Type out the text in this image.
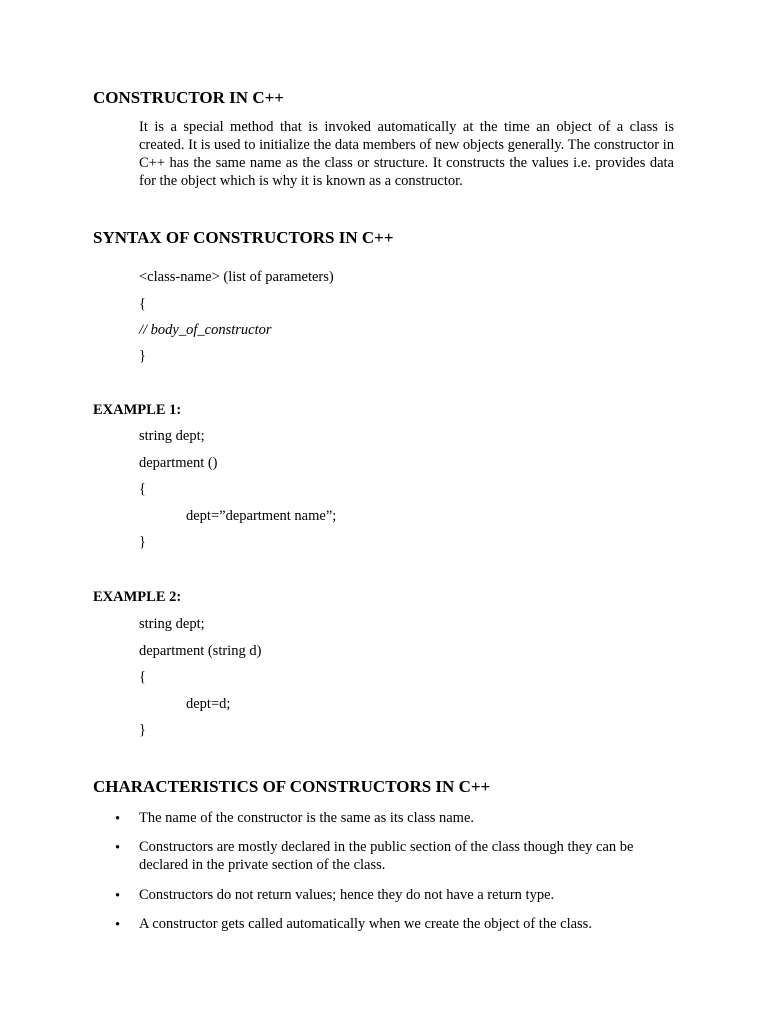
CONSTRUCTOR IN C++

It is a special method that is invoked automatically at the time an object of a class is created. It is used to initialize the data members of new objects generally. The constructor in C++ has the same name as the class or structure. It constructs the values i.e. provides data for the object which is why it is known as a constructor.

SYNTAX OF CONSTRUCTORS IN C++

<class-name> (list of parameters)

{

// body_of_constructor

}

EXAMPLE 1:

string dept;

department ()

{

dept=”department name”;

}

EXAMPLE 2:

string dept;

department (string d)

{

dept=d;

}

CHARACTERISTICS OF CONSTRUCTORS IN C++
• The name of the constructor is the same as its class name.

• Constructors are mostly declared in the public section of the class though they can be declared in the private section of the class.

• Constructors do not return values; hence they do not have a return type.

• A constructor gets called automatically when we create the object of the class.
